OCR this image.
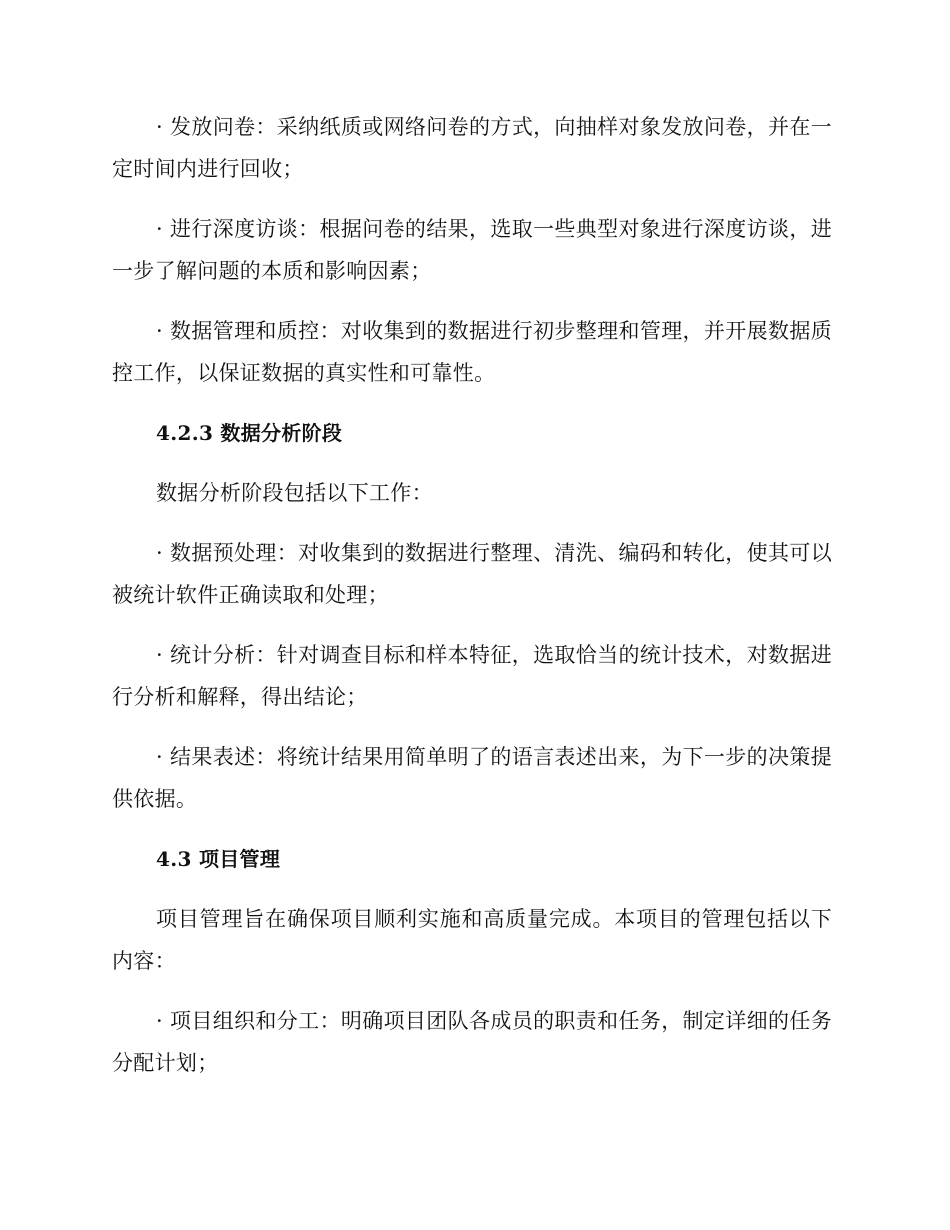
· 发放问卷：采纳纸质或网络问卷的方式，向抽样对象发放问卷，并在一定时间内进行回收；

· 进行深度访谈：根据问卷的结果，选取一些典型对象进行深度访谈，进一步了解问题的本质和影响因素；

· 数据管理和质控：对收集到的数据进行初步整理和管理，并开展数据质控工作，以保证数据的真实性和可靠性。

4.2.3 数据分析阶段

数据分析阶段包括以下工作：

· 数据预处理：对收集到的数据进行整理、清洗、编码和转化，使其可以被统计软件正确读取和处理；

· 统计分析：针对调查目标和样本特征，选取恰当的统计技术，对数据进行分析和解释，得出结论；

· 结果表述：将统计结果用简单明了的语言表述出来，为下一步的决策提供依据。

4.3 项目管理

项目管理旨在确保项目顺利实施和高质量完成。本项目的管理包括以下内容：

· 项目组织和分工：明确项目团队各成员的职责和任务，制定详细的任务分配计划；
